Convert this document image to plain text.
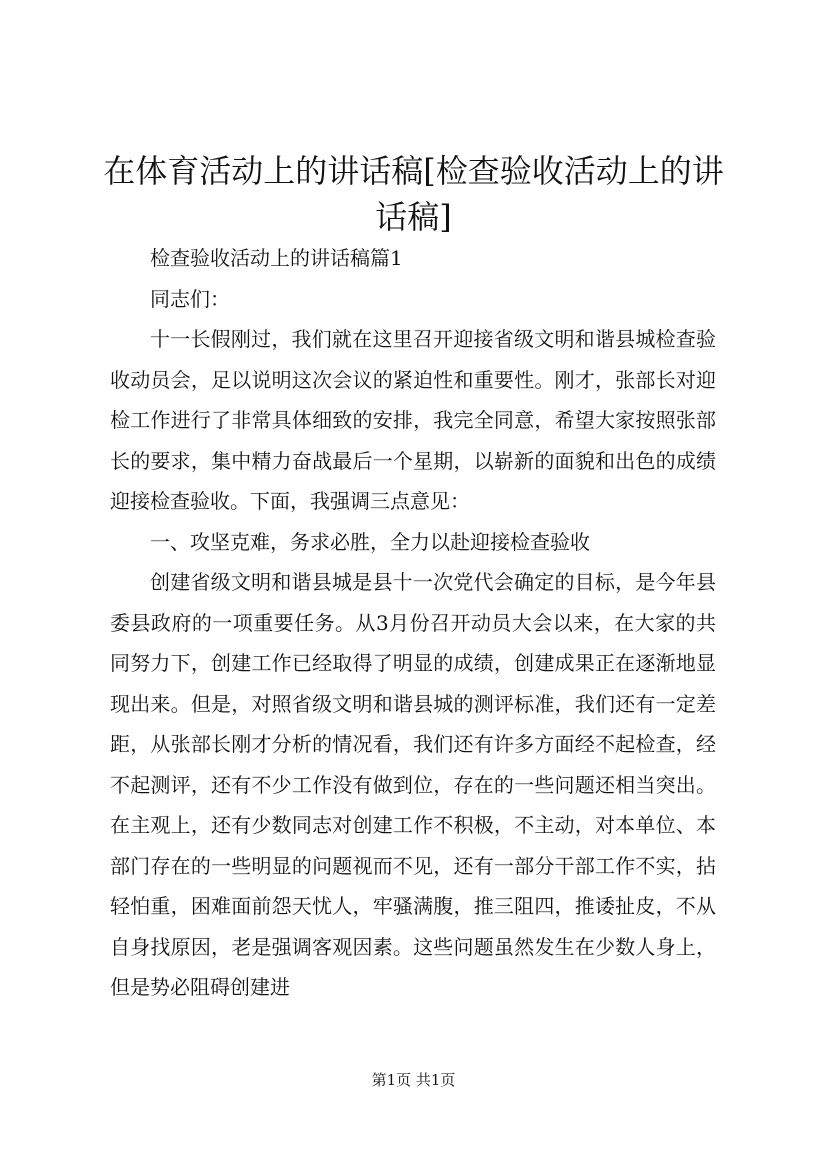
在体育活动上的讲话稿[检查验收活动上的讲话稿]

检查验收活动上的讲话稿篇1

同志们：

十一长假刚过，我们就在这里召开迎接省级文明和谐县城检查验收动员会，足以说明这次会议的紧迫性和重要性。刚才，张部长对迎检工作进行了非常具体细致的安排，我完全同意，希望大家按照张部长的要求，集中精力奋战最后一个星期，以崭新的面貌和出色的成绩迎接检查验收。下面，我强调三点意见：

一、攻坚克难，务求必胜，全力以赴迎接检查验收

创建省级文明和谐县城是县十一次党代会确定的目标，是今年县委县政府的一项重要任务。从3月份召开动员大会以来，在大家的共同努力下，创建工作已经取得了明显的成绩，创建成果正在逐渐地显现出来。但是，对照省级文明和谐县城的测评标准，我们还有一定差距，从张部长刚才分析的情况看，我们还有许多方面经不起检查，经不起测评，还有不少工作没有做到位，存在的一些问题还相当突出。在主观上，还有少数同志对创建工作不积极，不主动，对本单位、本部门存在的一些明显的问题视而不见，还有一部分干部工作不实，拈轻怕重，困难面前怨天忧人，牢骚满腹，推三阻四，推诿扯皮，不从自身找原因，老是强调客观因素。这些问题虽然发生在少数人身上，但是势必阻碍创建进

第1页 共1页
